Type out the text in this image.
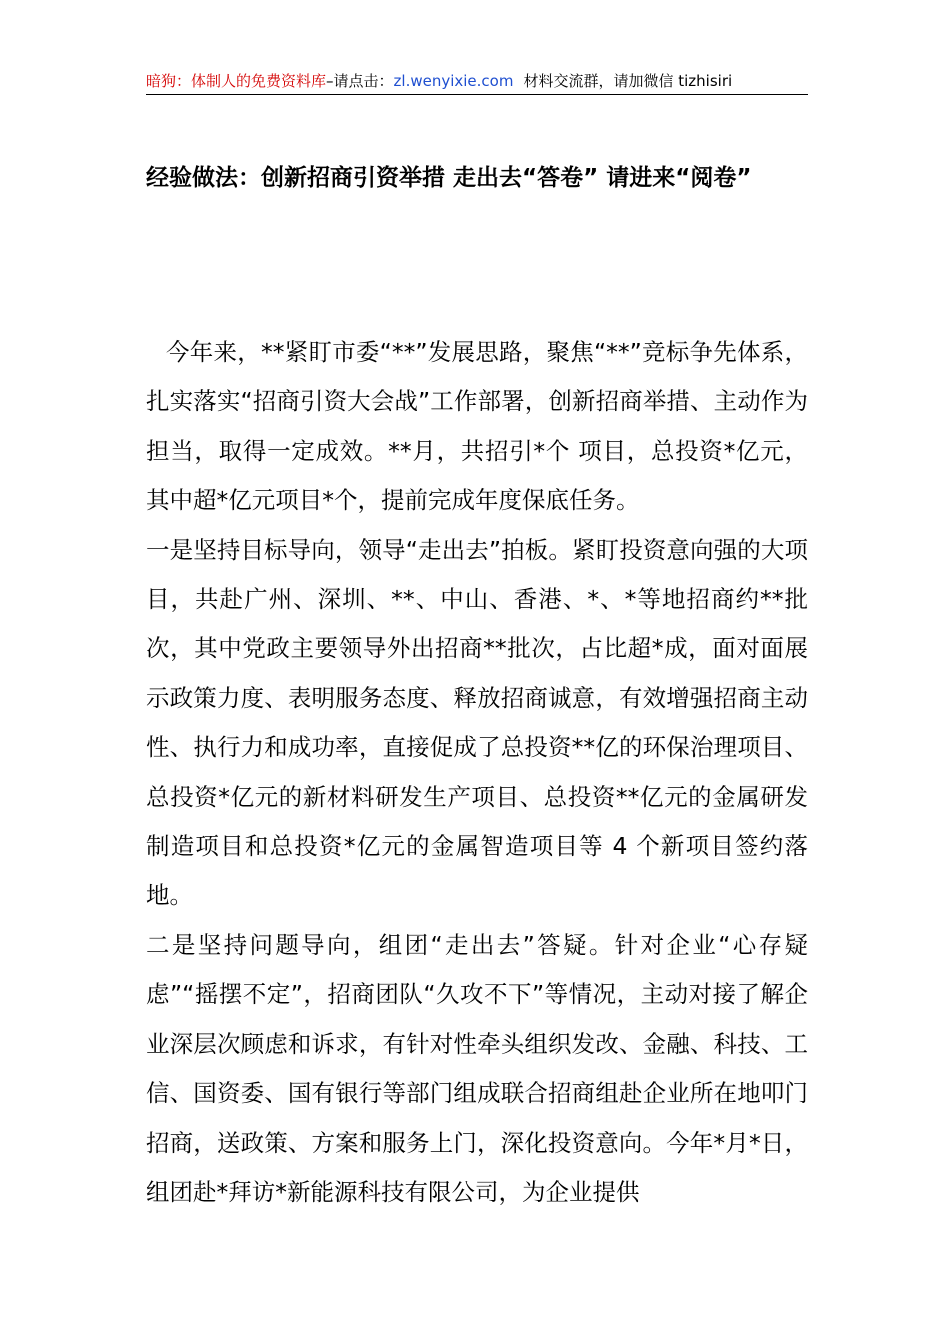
暗狗：体制人的免费资料库–请点击：zl.wenyixie.com 材料交流群，请加微信 tizhisiri
经验做法：创新招商引资举措 走出去“答卷” 请进来“阅卷”

今年来，**紧盯市委“**”发展思路，聚焦“**”竞标争先体系，扎实落实“招商引资大会战”工作部署，创新招商举措、主动作为担当，取得一定成效。**月，共招引*个 项目，总投资*亿元，其中超*亿元项目*个，提前完成年度保底任务。

一是坚持目标导向，领导“走出去”拍板。紧盯投资意向强的大项目，共赴广州、深圳、**、中山、香港、*、*等地招商约**批次，其中党政主要领导外出招商**批次，占比超*成，面对面展示政策力度、表明服务态度、释放招商诚意，有效增强招商主动性、执行力和成功率，直接促成了总投资**亿的环保治理项目、总投资*亿元的新材料研发生产项目、总投资**亿元的金属研发制造项目和总投资*亿元的金属智造项目等 4 个新项目签约落地。

二是坚持问题导向，组团“走出去”答疑。针对企业“心存疑虑”“摇摆不定”，招商团队“久攻不下”等情况，主动对接了解企业深层次顾虑和诉求，有针对性牵头组织发改、金融、科技、工信、国资委、国有银行等部门组成联合招商组赴企业所在地叩门招商，送政策、方案和服务上门，深化投资意向。今年*月*日，组团赴*拜访*新能源科技有限公司，为企业提供
